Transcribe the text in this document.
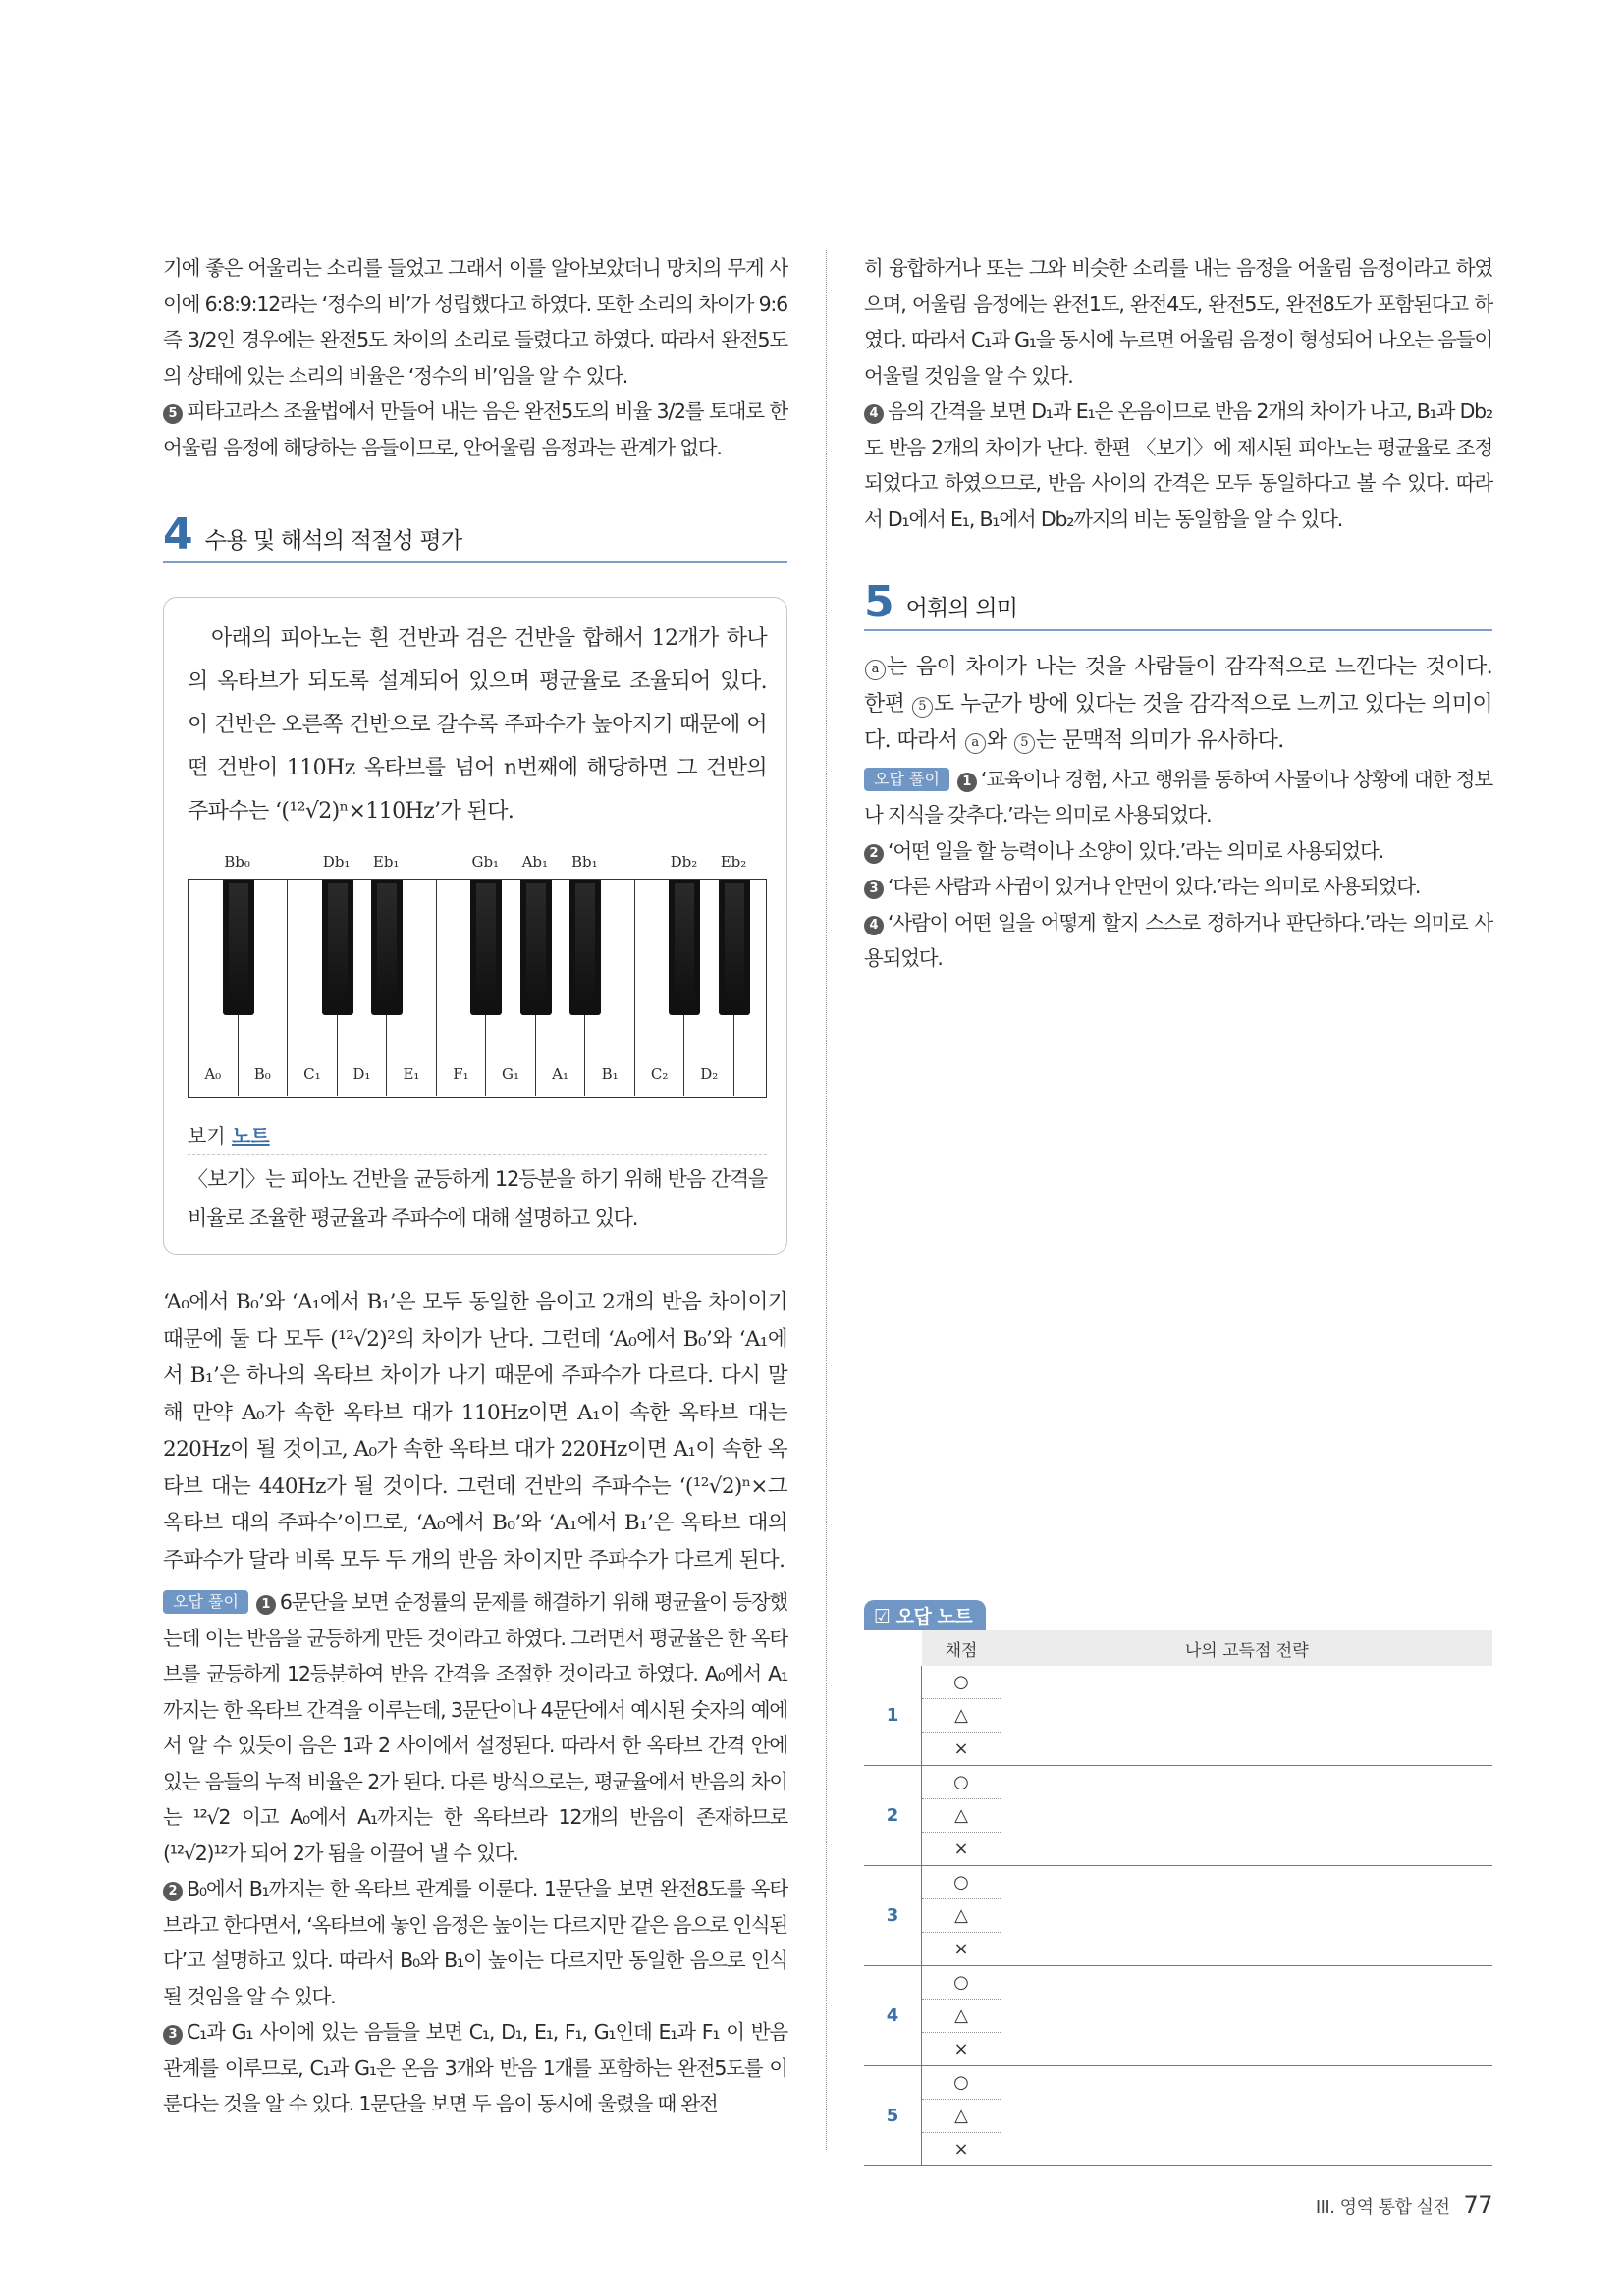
기에 좋은 어울리는 소리를 들었고 그래서 이를 알아보았더니 망치의 무게 사이에 6:8:9:12라는 ‘정수의 비’가 성립했다고 하였다. 또한 소리의 차이가 9:6 즉 3/2인 경우에는 완전5도 차이의 소리로 들렸다고 하였다. 따라서 완전5도의 상태에 있는 소리의 비율은 ‘정수의 비’임을 알 수 있다.

5 피타고라스 조율법에서 만들어 내는 음은 완전5도의 비율 3/2를 토대로 한 어울림 음정에 해당하는 음들이므로, 안어울림 음정과는 관계가 없다.

4 수용 및 해석의 적절성 평가

아래의 피아노는 흰 건반과 검은 건반을 합해서 12개가 하나의 옥타브가 되도록 설계되어 있으며 평균율로 조율되어 있다. 이 건반은 오른쪽 건반으로 갈수록 주파수가 높아지기 때문에 어떤 건반이 110Hz 옥타브를 넘어 n번째에 해당하면 그 건반의 주파수는 ‘(¹²√2)ⁿ×110Hz’가 된다.

Bb₀	Db₁ Eb₁	Gb₁ Ab₁ Bb₁	Db₂ Eb₂
A₀	B₀	C₁	D₁	E₁	F₁	G₁	A₁	B₁	C₂	D₂
보기 노트

〈보기〉는 피아노 건반을 균등하게 12등분을 하기 위해 반음 간격을 비율로 조율한 평균율과 주파수에 대해 설명하고 있다.

‘A₀에서 B₀’와 ‘A₁에서 B₁’은 모두 동일한 음이고 2개의 반음 차이이기 때문에 둘 다 모두 (¹²√2)²의 차이가 난다. 그런데 ‘A₀에서 B₀’와 ‘A₁에서 B₁’은 하나의 옥타브 차이가 나기 때문에 주파수가 다르다. 다시 말해 만약 A₀가 속한 옥타브 대가 110Hz이면 A₁이 속한 옥타브 대는 220Hz이 될 것이고, A₀가 속한 옥타브 대가 220Hz이면 A₁이 속한 옥타브 대는 440Hz가 될 것이다. 그런데 건반의 주파수는 ‘(¹²√2)ⁿ×그 옥타브 대의 주파수’이므로, ‘A₀에서 B₀’와 ‘A₁에서 B₁’은 옥타브 대의 주파수가 달라 비록 모두 두 개의 반음 차이지만 주파수가 다르게 된다.

오답 풀이 1 6문단을 보면 순정률의 문제를 해결하기 위해 평균율이 등장했는데 이는 반음을 균등하게 만든 것이라고 하였다. 그러면서 평균율은 한 옥타브를 균등하게 12등분하여 반음 간격을 조절한 것이라고 하였다. A₀에서 A₁까지는 한 옥타브 간격을 이루는데, 3문단이나 4문단에서 예시된 숫자의 예에서 알 수 있듯이 음은 1과 2 사이에서 설정된다. 따라서 한 옥타브 간격 안에 있는 음들의 누적 비율은 2가 된다. 다른 방식으로는, 평균율에서 반음의 차이는 ¹²√2 이고 A₀에서 A₁까지는 한 옥타브라 12개의 반음이 존재하므로 (¹²√2)¹²가 되어 2가 됨을 이끌어 낼 수 있다.

2 B₀에서 B₁까지는 한 옥타브 관계를 이룬다. 1문단을 보면 완전8도를 옥타브라고 한다면서, ‘옥타브에 놓인 음정은 높이는 다르지만 같은 음으로 인식된다’고 설명하고 있다. 따라서 B₀와 B₁이 높이는 다르지만 동일한 음으로 인식될 것임을 알 수 있다.

3 C₁과 G₁ 사이에 있는 음들을 보면 C₁, D₁, E₁, F₁, G₁인데 E₁과 F₁ 이 반음 관계를 이루므로, C₁과 G₁은 온음 3개와 반음 1개를 포함하는 완전5도를 이룬다는 것을 알 수 있다. 1문단을 보면 두 음이 동시에 울렸을 때 완전

히 융합하거나 또는 그와 비슷한 소리를 내는 음정을 어울림 음정이라고 하였으며, 어울림 음정에는 완전1도, 완전4도, 완전5도, 완전8도가 포함된다고 하였다. 따라서 C₁과 G₁을 동시에 누르면 어울림 음정이 형성되어 나오는 음들이 어울릴 것임을 알 수 있다.

4 음의 간격을 보면 D₁과 E₁은 온음이므로 반음 2개의 차이가 나고, B₁과 Db₂도 반음 2개의 차이가 난다. 한편 〈보기〉에 제시된 피아노는 평균율로 조정되었다고 하였으므로, 반음 사이의 간격은 모두 동일하다고 볼 수 있다. 따라서 D₁에서 E₁, B₁에서 Db₂까지의 비는 동일함을 알 수 있다.

5 어휘의 의미

a 는 음이 차이가 나는 것을 사람들이 감각적으로 느낀다는 것이다. 한편 5 도 누군가 방에 있다는 것을 감각적으로 느끼고 있다는 의미이다. 따라서 a 와 5 는 문맥적 의미가 유사하다.

오답 풀이 1 ‘교육이나 경험, 사고 행위를 통하여 사물이나 상황에 대한 정보나 지식을 갖추다.’라는 의미로 사용되었다.

2 ‘어떤 일을 할 능력이나 소양이 있다.’라는 의미로 사용되었다.

3 ‘다른 사람과 사귐이 있거나 안면이 있다.’라는 의미로 사용되었다.

4 ‘사람이 어떤 일을 어떻게 할지 스스로 정하거나 판단하다.’라는 의미로 사용되었다.

☑ 오답 노트
	채점	나의 고득점 전략
1	○	
	△	
	×	
2	○	
	△	
	×	
3	○	
	△	
	×	
4	○	
	△	
	×	
5	○	
	△	
	×	
III. 영역 통합 실전 77
